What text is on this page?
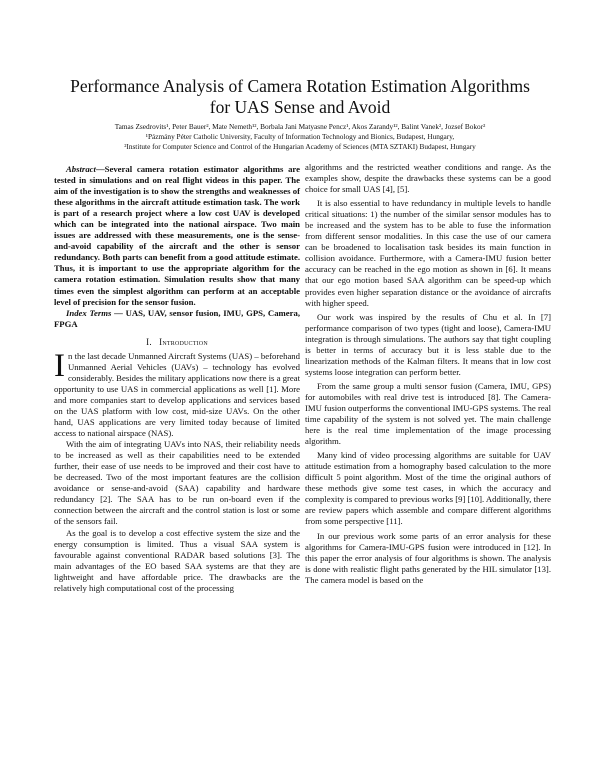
Performance Analysis of Camera Rotation Estimation Algorithms
for UAS Sense and Avoid
Tamas Zsedrovits¹, Peter Bauer², Mate Nemeth¹², Borbala Jani Matyasne Pencz¹, Akos Zarandy¹², Balint Vanek², Jozsef Bokor²
¹Pázmány Péter Catholic University, Faculty of Information Technology and Bionics, Budapest, Hungary,
²Institute for Computer Science and Control of the Hungarian Academy of Sciences (MTA SZTAKI) Budapest, Hungary

Abstract—Several camera rotation estimator algorithms are tested in simulations and on real flight videos in this paper. The aim of the investigation is to show the strengths and weaknesses of these algorithms in the aircraft attitude estimation task. The work is part of a research project where a low cost UAV is developed which can be integrated into the national airspace. Two main issues are addressed with these measurements, one is the sense-and-avoid capability of the aircraft and the other is sensor redundancy. Both parts can benefit from a good attitude estimate. Thus, it is important to use the appropriate algorithm for the camera rotation estimation. Simulation results show that many times even the simplest algorithm can perform at an acceptable level of precision for the sensor fusion.

Index Terms — UAS, UAV, sensor fusion, IMU, GPS, Camera, FPGA

I. Introduction

In the last decade Unmanned Aircraft Systems (UAS) – beforehand Unmanned Aerial Vehicles (UAVs) – technology has evolved considerably. Besides the military applications now there is a great opportunity to use UAS in commercial applications as well [1]. More and more companies start to develop applications and services based on the UAS platform with low cost, mid-size UAVs. On the other hand, UAS applications are very limited today because of limited access to national airspace (NAS).

With the aim of integrating UAVs into NAS, their reliability needs to be increased as well as their capabilities need to be extended further, their ease of use needs to be improved and their cost have to be decreased. Two of the most important features are the collision avoidance or sense-and-avoid (SAA) capability and hardware redundancy [2]. The SAA has to be run on-board even if the connection between the aircraft and the control station is lost or some of the sensors fail.

As the goal is to develop a cost effective system the size and the energy consumption is limited. Thus a visual SAA system is favourable against conventional RADAR based solutions [3]. The main advantages of the EO based SAA systems are that they are lightweight and have affordable price. The drawbacks are the relatively high computational cost of the processing

algorithms and the restricted weather conditions and range. As the examples show, despite the drawbacks these systems can be a good choice for small UAS [4], [5].

It is also essential to have redundancy in multiple levels to handle critical situations: 1) the number of the similar sensor modules has to be increased and the system has to be able to fuse the information from different sensor modalities. In this case the use of our camera can be broadened to localisation task besides its main function in collision avoidance. Furthermore, with a Camera-IMU fusion better accuracy can be reached in the ego motion as shown in [6]. It means that our ego motion based SAA algorithm can be speed-up which provides even higher separation distance or the avoidance of aircrafts with higher speed.

Our work was inspired by the results of Chu et al. In [7] performance comparison of two types (tight and loose), Camera-IMU integration is through simulations. The authors say that tight coupling is better in terms of accuracy but it is less stable due to the linearization methods of the Kalman filters. It means that in low cost systems loose integration can perform better.

From the same group a multi sensor fusion (Camera, IMU, GPS) for automobiles with real drive test is introduced [8]. The Camera-IMU fusion outperforms the conventional IMU-GPS systems. The real time capability of the system is not solved yet. The main challenge here is the real time implementation of the image processing algorithm.

Many kind of video processing algorithms are suitable for UAV attitude estimation from a homography based calculation to the more difficult 5 point algorithm. Most of the time the original authors of these methods give some test cases, in which the accuracy and complexity is compared to previous works [9] [10]. Additionally, there are review papers which assemble and compare different algorithms from some perspective [11].

In our previous work some parts of an error analysis for these algorithms for Camera-IMU-GPS fusion were introduced in [12]. In this paper the error analysis of four algorithms is shown. The analysis is done with realistic flight paths generated by the HIL simulator [13]. The camera model is based on the
